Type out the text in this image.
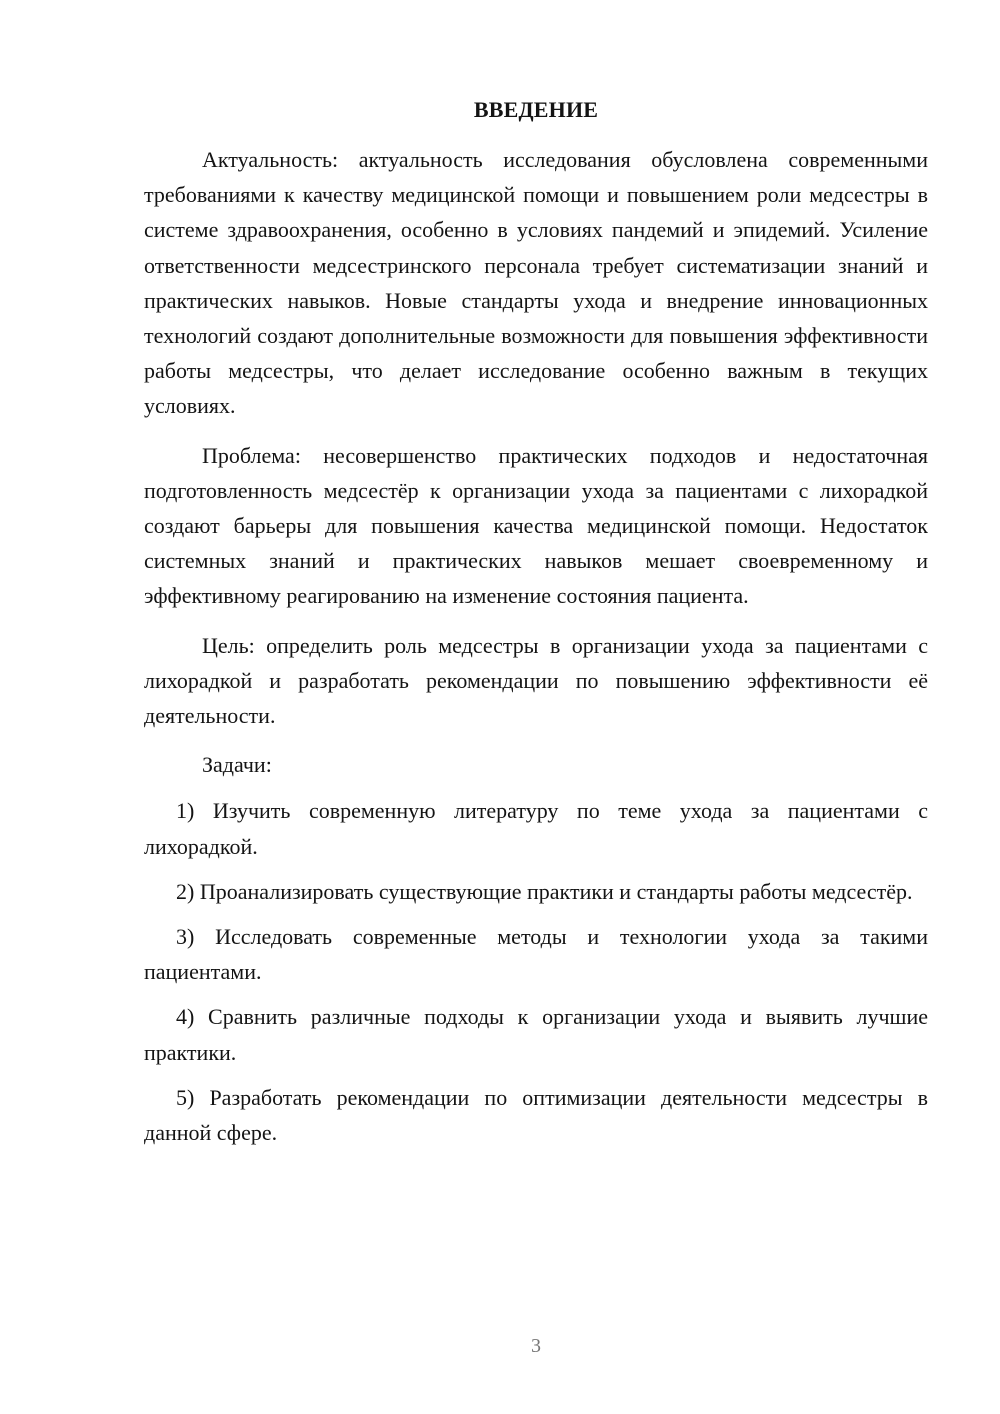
ВВЕДЕНИЕ

Актуальность: актуальность исследования обусловлена современными требованиями к качеству медицинской помощи и повышением роли медсестры в системе здравоохранения, особенно в условиях пандемий и эпидемий. Усиление ответственности медсестринского персонала требует систематизации знаний и практических навыков. Новые стандарты ухода и внедрение инновационных технологий создают дополнительные возможности для повышения эффективности работы медсестры, что делает исследование особенно важным в текущих условиях.

Проблема: несовершенство практических подходов и недостаточная подготовленность медсестёр к организации ухода за пациентами с лихорадкой создают барьеры для повышения качества медицинской помощи. Недостаток системных знаний и практических навыков мешает своевременному и эффективному реагированию на изменение состояния пациента.

Цель: определить роль медсестры в организации ухода за пациентами с лихорадкой и разработать рекомендации по повышению эффективности её деятельности.

Задачи:

1) Изучить современную литературу по теме ухода за пациентами с лихорадкой.

2) Проанализировать существующие практики и стандарты работы медсестёр.

3) Исследовать современные методы и технологии ухода за такими пациентами.

4) Сравнить различные подходы к организации ухода и выявить лучшие практики.

5) Разработать рекомендации по оптимизации деятельности медсестры в данной сфере.

3
